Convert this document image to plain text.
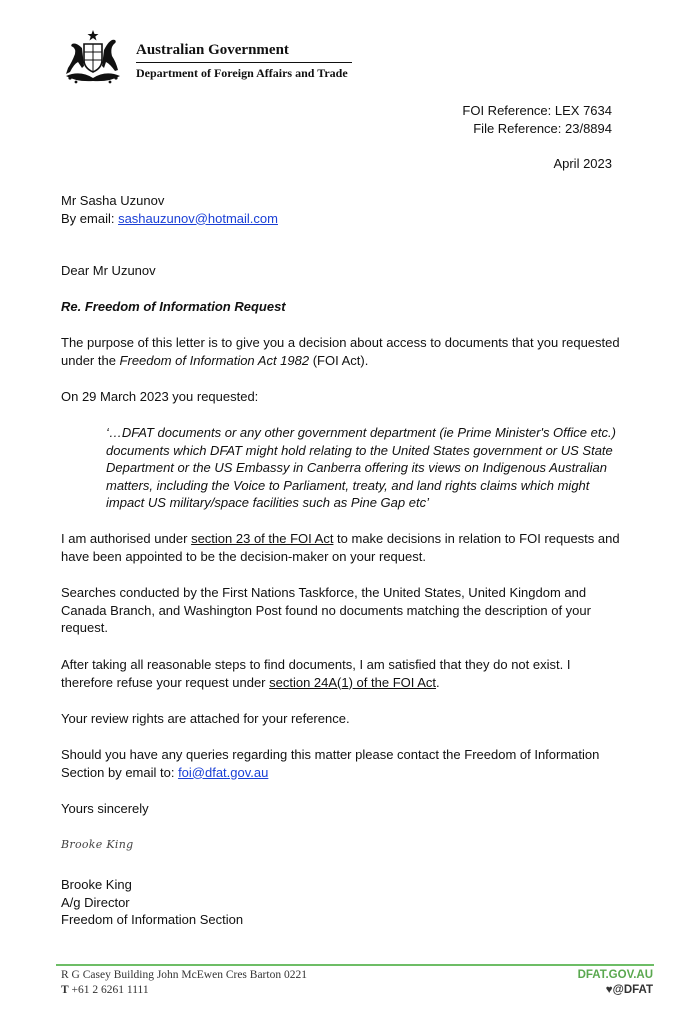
Australian Government
Department of Foreign Affairs and Trade
FOI Reference: LEX 7634
File Reference: 23/8894
April 2023
Mr Sasha Uzunov
By email: sashauzunov@hotmail.com
Dear Mr Uzunov
Re. Freedom of Information Request
The purpose of this letter is to give you a decision about access to documents that you requested under the Freedom of Information Act 1982 (FOI Act).
On 29 March 2023 you requested:
‘…DFAT documents or any other government department (ie Prime Minister's Office etc.) documents which DFAT might hold relating to the United States government or US State Department or the US Embassy in Canberra offering its views on Indigenous Australian matters, including the Voice to Parliament, treaty, and land rights claims which might impact US military/space facilities such as Pine Gap etc’
I am authorised under section 23 of the FOI Act to make decisions in relation to FOI requests and have been appointed to be the decision-maker on your request.
Searches conducted by the First Nations Taskforce, the United States, United Kingdom and Canada Branch, and Washington Post found no documents matching the description of your request.
After taking all reasonable steps to find documents, I am satisfied that they do not exist. I therefore refuse your request under section 24A(1) of the FOI Act.
Your review rights are attached for your reference.
Should you have any queries regarding this matter please contact the Freedom of Information Section by email to: foi@dfat.gov.au
Yours sincerely
Brooke King
Brooke King
A/g Director
Freedom of Information Section
R G Casey Building John McEwen Cres Barton 0221
T +61 2 6261 1111
DFAT.GOV.AU
♥@DFAT
